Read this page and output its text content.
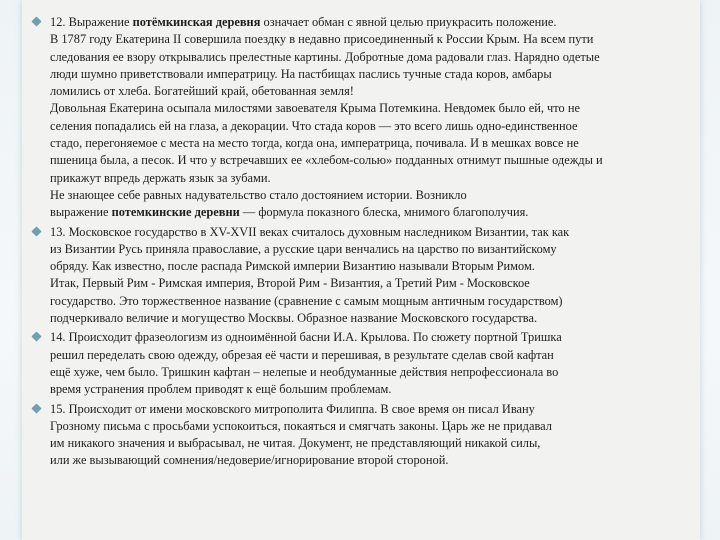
12. Выражение потёмкинская деревня означает обман с явной целью приукрасить положение.
В 1787 году Екатерина II совершила поездку в недавно присоединенный к России Крым. На всем пути
следования ее взору открывались прелестные картины. Добротные дома радовали глаз. Нарядно одетые
люди шумно приветствовали императрицу. На пастбищах паслись тучные стада коров, амбары
ломились от хлеба. Богатейший край, обетованная земля!
Довольная Екатерина осыпала милостями завоевателя Крыма Потемкина. Невдомек было ей, что не
селения попадались ей на глаза, а декорации. Что стада коров — это всего лишь одно-единственное
стадо, перегоняемое с места на место тогда, когда она, императрица, почивала. И в мешках вовсе не
пшеница была, а песок. И что у встречавших ее «хлебом-солью» подданных отнимут пышные одежды и
прикажут впредь держать язык за зубами.
Не знающее себе равных надувательство стало достоянием истории. Возникло
выражение потемкинские деревни — формула показного блеска, мнимого благополучия.
13. Московское государство в XV-XVII веках считалось духовным наследником Византии, так как
из Византии Русь приняла православие, а русские цари венчались на царство по византийскому
обряду. Как известно, после распада Римской империи Византию называли Вторым Римом.
Итак, Первый Рим - Римская империя, Второй Рим - Византия, а Третий Рим - Московское
государство. Это торжественное название (сравнение с самым мощным античным государством)
подчеркивало величие и могущество Москвы. Образное название Московского государства.
14. Происходит фразеологизм из одноимённой басни И.А. Крылова. По сюжету портной Тришка
решил переделать свою одежду, обрезая её части и перешивая, в результате сделав свой кафтан
ещё хуже, чем было. Тришкин кафтан – нелепые и необдуманные действия непрофессионала во
время устранения проблем приводят к ещё большим проблемам.
15. Происходит от имени московского митрополита Филиппа. В свое время он писал Ивану
Грозному письма с просьбами успокоиться, покаяться и смягчать законы. Царь же не придавал
им никакого значения и выбрасывал, не читая. Документ, не представляющий никакой силы,
или же вызывающий сомнения/недоверие/игнорирование второй стороной.
